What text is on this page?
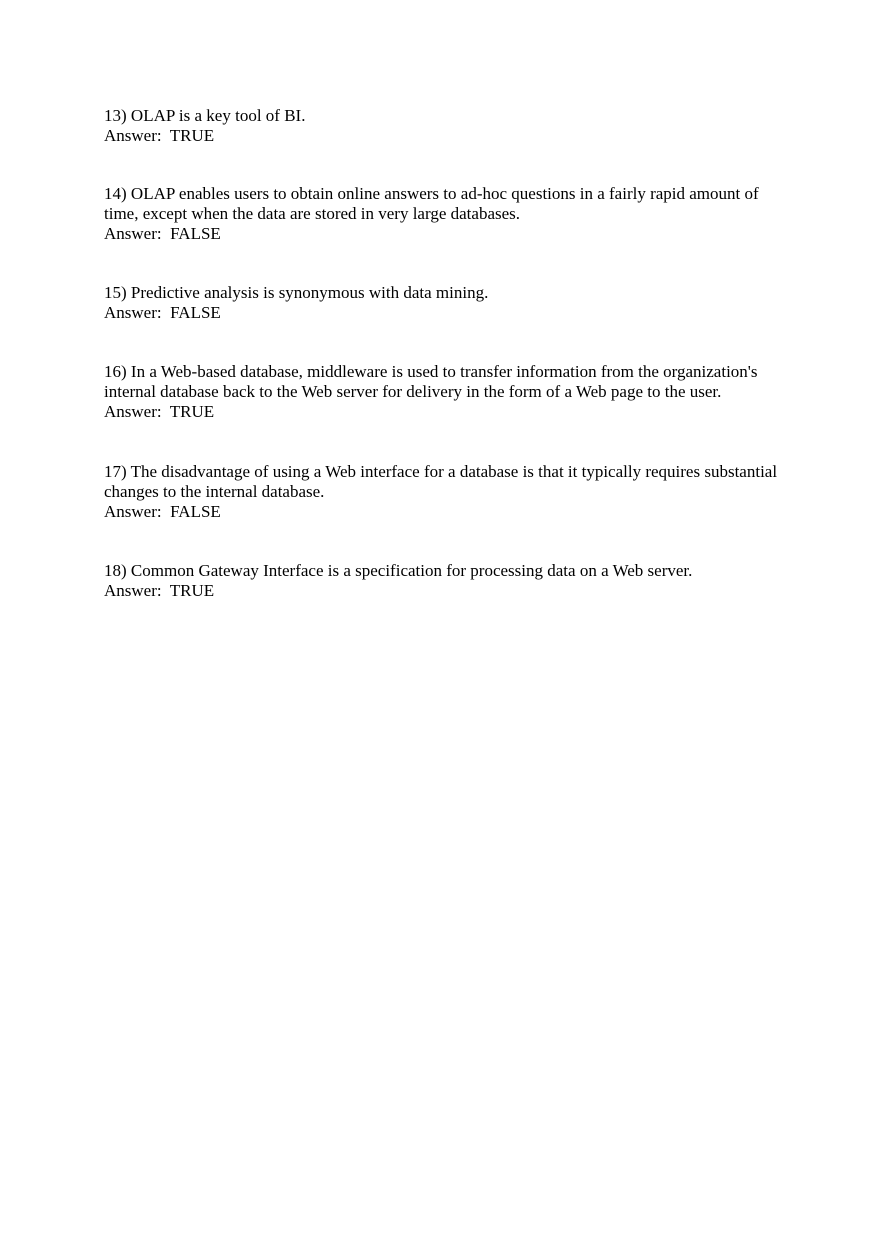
13) OLAP is a key tool of BI.

Answer:  TRUE

14) OLAP enables users to obtain online answers to ad-hoc questions in a fairly rapid amount of time, except when the data are stored in very large databases.

Answer:  FALSE

15) Predictive analysis is synonymous with data mining.

Answer:  FALSE

16) In a Web-based database, middleware is used to transfer information from the organization's internal database back to the Web server for delivery in the form of a Web page to the user.

Answer:  TRUE

17) The disadvantage of using a Web interface for a database is that it typically requires substantial changes to the internal database.

Answer:  FALSE

18) Common Gateway Interface is a specification for processing data on a Web server.

Answer:  TRUE
